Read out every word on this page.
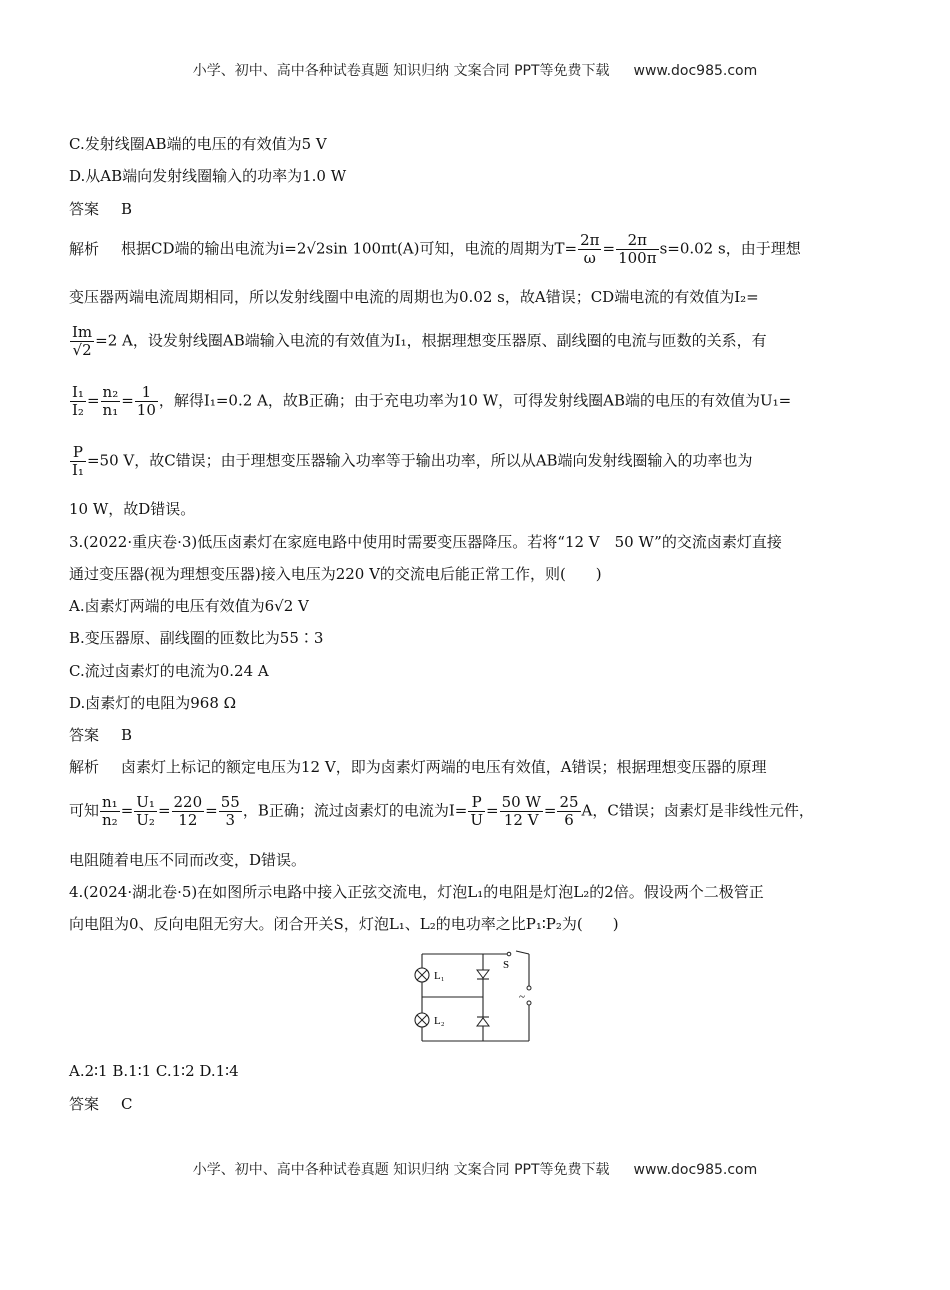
小学、初中、高中各种试卷真题 知识归纳 文案合同 PPT等免费下载 www.doc985.com
C.发射线圈AB端的电压的有效值为5 V
D.从AB端向发射线圈输入的功率为1.0 W
答案 B
解析 根据CD端的输出电流为i=2√2sin 100πt(A)可知，电流的周期为$T= \frac{2\pi}{\omega} = \frac{2\pi}{100\pi} s=0.02$ s，由于理想
变压器两端电流周期相同，所以发射线圈中电流的周期也为0.02 s，故A错误；CD端电流的有效值为I₂=
$\frac{Im}{√2} =2$ A，设发射线圈AB端输入电流的有效值为I₁，根据理想变压器原、副线圈的电流与匝数的关系，有
$\frac{\text{I₁}}{\text{I₂}} = \frac{\text{n₂}}{\text{n₁}} = \frac{1}{10}$ ，解得I₁=0.2 A，故B正确；由于充电功率为10 W，可得发射线圈AB端的电压的有效值为U₁=
$\frac{P}{\text{I₁}} =50$ V，故C错误；由于理想变压器输入功率等于输出功率，所以从AB端向发射线圈输入的功率也为
10 W，故D错误。
3.(2022·重庆卷·3)低压卤素灯在家庭电路中使用时需要变压器降压。若将“12 V　50 W”的交流卤素灯直接
通过变压器(视为理想变压器)接入电压为220 V的交流电后能正常工作，则(　　)
A.卤素灯两端的电压有效值为6√2 V
B.变压器原、副线圈的匝数比为55∶3
C.流过卤素灯的电流为0.24 A
D.卤素灯的电阻为968 Ω
答案 B
解析 卤素灯上标记的额定电压为12 V，即为卤素灯两端的电压有效值，A错误；根据理想变压器的原理
可知 $\frac{\text{n₁}}{\text{n₂}} = \frac{\text{U₁}}{\text{U₂}} = \frac{220}{12} = \frac{55}{3}$ ，B正确；流过卤素灯的电流为$I= \frac{P}{U} = \frac{50 W}{12 V} = \frac{25}{6}$ A，C错误；卤素灯是非线性元件，
电阻随着电压不同而改变，D错误。
4.(2024·湖北卷·5)在如图所示电路中接入正弦交流电，灯泡L₁的电阻是灯泡L₂的2倍。假设两个二极管正
向电阻为0、反向电阻无穷大。闭合开关S，灯泡L₁、L₂的电功率之比P₁∶P₂为(　　)
L₁
L₂
S
~
A.2∶1 B.1∶1 C.1∶2 D.1∶4
答案 C
小学、初中、高中各种试卷真题 知识归纳 文案合同 PPT等免费下载 www.doc985.com
